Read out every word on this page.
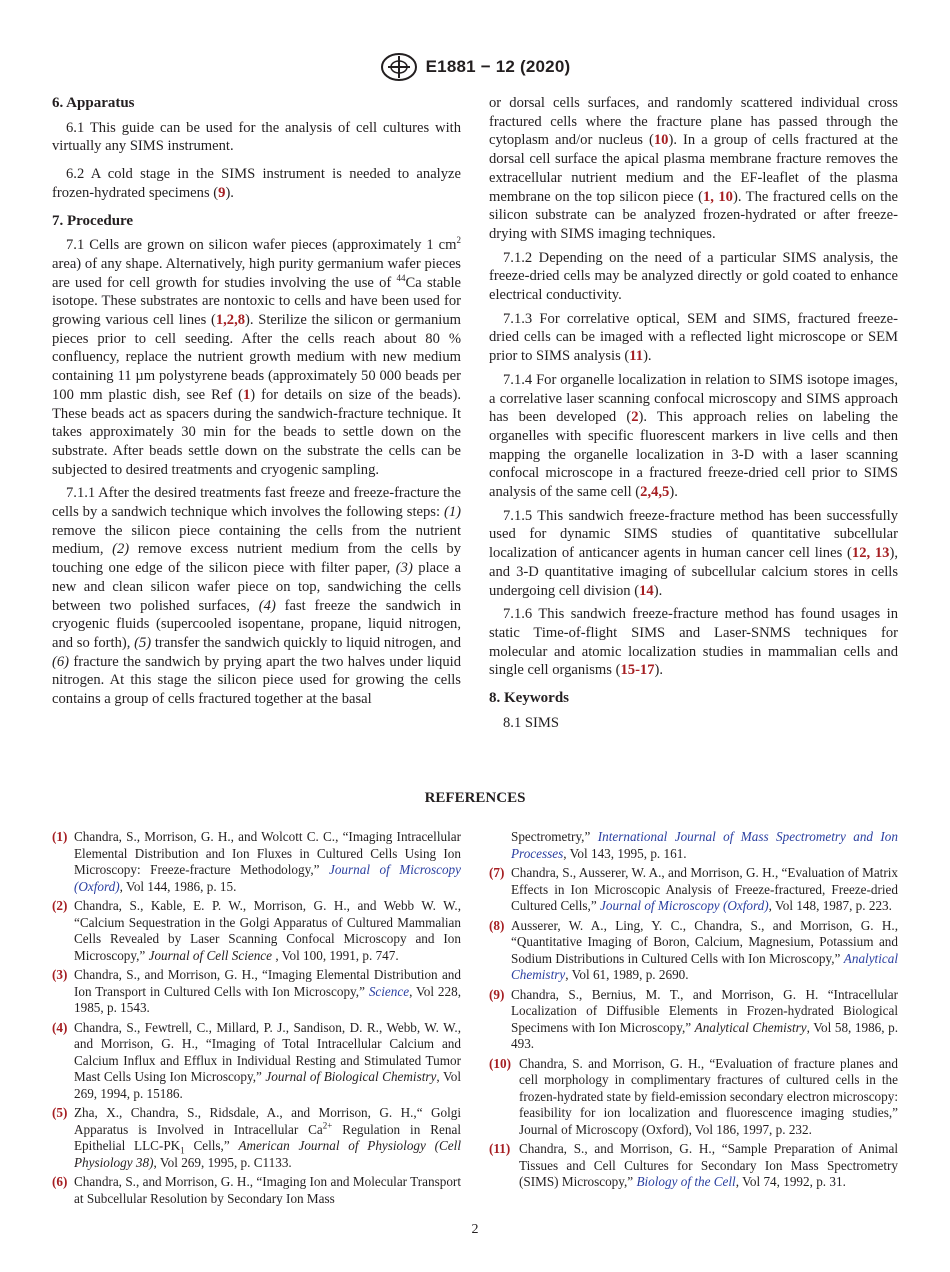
E1881 − 12 (2020)
6. Apparatus

6.1 This guide can be used for the analysis of cell cultures with virtually any SIMS instrument.

6.2 A cold stage in the SIMS instrument is needed to analyze frozen-hydrated specimens (9).

7. Procedure

7.1 Cells are grown on silicon wafer pieces (approximately 1 $cm^2$ area) of any shape. Alternatively, high purity germanium wafer pieces are used for cell growth for studies involving the use of $^{44}$Ca stable isotope. These substrates are nontoxic to cells and have been used for growing various cell lines (1,2,8). Sterilize the silicon or germanium pieces prior to cell seeding. After the cells reach about 80 % confluency, replace the nutrient growth medium with new medium containing 11 µm polystyrene beads (approximately 50 000 beads per 100 mm plastic dish, see Ref (1) for details on size of the beads). These beads act as spacers during the sandwich-fracture technique. It takes approximately 30 min for the beads to settle down on the substrate. After beads settle down on the substrate the cells can be subjected to desired treatments and cryogenic sampling.

7.1.1 After the desired treatments fast freeze and freeze-fracture the cells by a sandwich technique which involves the following steps: (1) remove the silicon piece containing the cells from the nutrient medium, (2) remove excess nutrient medium from the cells by touching one edge of the silicon piece with filter paper, (3) place a new and clean silicon wafer piece on top, sandwiching the cells between two polished surfaces, (4) fast freeze the sandwich in cryogenic fluids (supercooled isopentane, propane, liquid nitrogen, and so forth), (5) transfer the sandwich quickly to liquid nitrogen, and (6) fracture the sandwich by prying apart the two halves under liquid nitrogen. At this stage the silicon piece used for growing the cells contains a group of cells fractured together at the basal

or dorsal cells surfaces, and randomly scattered individual cross fractured cells where the fracture plane has passed through the cytoplasm and/or nucleus (10). In a group of cells fractured at the dorsal cell surface the apical plasma membrane fracture removes the extracellular nutrient medium and the EF-leaflet of the plasma membrane on the top silicon piece (1, 10). The fractured cells on the silicon substrate can be analyzed frozen-hydrated or after freeze-drying with SIMS imaging techniques.

7.1.2 Depending on the need of a particular SIMS analysis, the freeze-dried cells may be analyzed directly or gold coated to enhance electrical conductivity.

7.1.3 For correlative optical, SEM and SIMS, fractured freeze-dried cells can be imaged with a reflected light microscope or SEM prior to SIMS analysis (11).

7.1.4 For organelle localization in relation to SIMS isotope images, a correlative laser scanning confocal microscopy and SIMS approach has been developed (2). This approach relies on labeling the organelles with specific fluorescent markers in live cells and then mapping the organelle localization in 3-D with a laser scanning confocal microscope in a fractured freeze-dried cell prior to SIMS analysis of the same cell (2,4,5).

7.1.5 This sandwich freeze-fracture method has been successfully used for dynamic SIMS studies of quantitative subcellular localization of anticancer agents in human cancer cell lines (12, 13), and 3-D quantitative imaging of subcellular calcium stores in cells undergoing cell division (14).

7.1.6 This sandwich freeze-fracture method has found usages in static Time-of-flight SIMS and Laser-SNMS techniques for molecular and atomic localization studies in mammalian cells and single cell organisms (15-17).

8. Keywords

8.1 SIMS

REFERENCES
(1) Chandra, S., Morrison, G. H., and Wolcott C. C., “Imaging Intracellular Elemental Distribution and Ion Fluxes in Cultured Cells Using Ion Microscopy: Freeze-fracture Methodology,” Journal of Microscopy (Oxford), Vol 144, 1986, p. 15.
(2) Chandra, S., Kable, E. P. W., Morrison, G. H., and Webb W. W., “Calcium Sequestration in the Golgi Apparatus of Cultured Mammalian Cells Revealed by Laser Scanning Confocal Microscopy and Ion Microscopy,” Journal of Cell Science , Vol 100, 1991, p. 747.
(3) Chandra, S., and Morrison, G. H., “Imaging Elemental Distribution and Ion Transport in Cultured Cells with Ion Microscopy,” Science, Vol 228, 1985, p. 1543.
(4) Chandra, S., Fewtrell, C., Millard, P. J., Sandison, D. R., Webb, W. W., and Morrison, G. H., “Imaging of Total Intracellular Calcium and Calcium Influx and Efflux in Individual Resting and Stimulated Tumor Mast Cells Using Ion Microscopy,” Journal of Biological Chemistry, Vol 269, 1994, p. 15186.
(5) Zha, X., Chandra, S., Ridsdale, A., and Morrison, G. H.,“ Golgi Apparatus is Involved in Intracellular $Ca^{2+}$ Regulation in Renal Epithelial LLC-$PK_1$ Cells,” American Journal of Physiology (Cell Physiology 38), Vol 269, 1995, p. C1133.
(6) Chandra, S., and Morrison, G. H., “Imaging Ion and Molecular Transport at Subcellular Resolution by Secondary Ion Mass
Spectrometry,” International Journal of Mass Spectrometry and Ion Processes, Vol 143, 1995, p. 161.
(7) Chandra, S., Ausserer, W. A., and Morrison, G. H., “Evaluation of Matrix Effects in Ion Microscopic Analysis of Freeze-fractured, Freeze-dried Cultured Cells,” Journal of Microscopy (Oxford), Vol 148, 1987, p. 223.
(8) Ausserer, W. A., Ling, Y. C., Chandra, S., and Morrison, G. H., “Quantitative Imaging of Boron, Calcium, Magnesium, Potassium and Sodium Distributions in Cultured Cells with Ion Microscopy,” Analytical Chemistry, Vol 61, 1989, p. 2690.
(9) Chandra, S., Bernius, M. T., and Morrison, G. H. “Intracellular Localization of Diffusible Elements in Frozen-hydrated Biological Specimens with Ion Microscopy,” Analytical Chemistry, Vol 58, 1986, p. 493.
(10) Chandra, S. and Morrison, G. H., “Evaluation of fracture planes and cell morphology in complimentary fractures of cultured cells in the frozen-hydrated state by field-emission secondary electron microscopy: feasibility for ion localization and fluorescence imaging studies,” Journal of Microscopy (Oxford), Vol 186, 1997, p. 232.
(11) Chandra, S., and Morrison, G. H., “Sample Preparation of Animal Tissues and Cell Cultures for Secondary Ion Mass Spectrometry (SIMS) Microscopy,” Biology of the Cell, Vol 74, 1992, p. 31.
2
